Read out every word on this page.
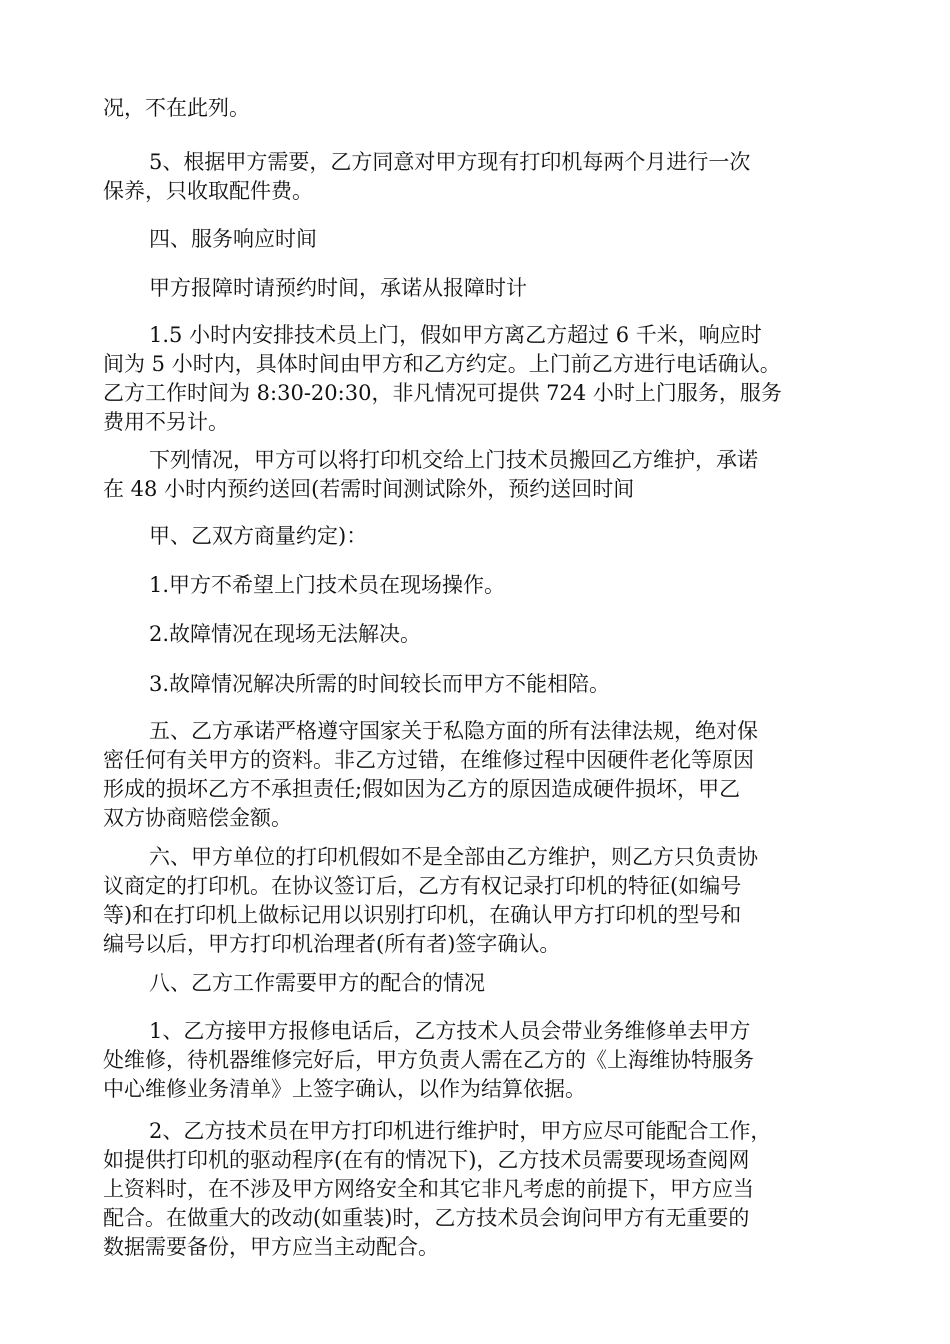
况，不在此列。
5、根据甲方需要，乙方同意对甲方现有打印机每两个月进行一次
保养，只收取配件费。
四、服务响应时间
甲方报障时请预约时间，承诺从报障时计
1.5 小时内安排技术员上门，假如甲方离乙方超过 6 千米，响应时
间为 5 小时内，具体时间由甲方和乙方约定。上门前乙方进行电话确认。
乙方工作时间为 8:30-20:30，非凡情况可提供 724 小时上门服务，服务
费用不另计。
下列情况，甲方可以将打印机交给上门技术员搬回乙方维护，承诺
在 48 小时内预约送回(若需时间测试除外，预约送回时间
甲、乙双方商量约定)：
1.甲方不希望上门技术员在现场操作。
2.故障情况在现场无法解决。
3.故障情况解决所需的时间较长而甲方不能相陪。
五、乙方承诺严格遵守国家关于私隐方面的所有法律法规，绝对保
密任何有关甲方的资料。非乙方过错，在维修过程中因硬件老化等原因
形成的损坏乙方不承担责任;假如因为乙方的原因造成硬件损坏，甲乙
双方协商赔偿金额。
六、甲方单位的打印机假如不是全部由乙方维护，则乙方只负责协
议商定的打印机。在协议签订后，乙方有权记录打印机的特征(如编号
等)和在打印机上做标记用以识别打印机，在确认甲方打印机的型号和
编号以后，甲方打印机治理者(所有者)签字确认。
八、乙方工作需要甲方的配合的情况
1、乙方接甲方报修电话后，乙方技术人员会带业务维修单去甲方
处维修，待机器维修完好后，甲方负责人需在乙方的《上海维协特服务
中心维修业务清单》上签字确认，以作为结算依据。
2、乙方技术员在甲方打印机进行维护时，甲方应尽可能配合工作，
如提供打印机的驱动程序(在有的情况下)，乙方技术员需要现场查阅网
上资料时，在不涉及甲方网络安全和其它非凡考虑的前提下，甲方应当
配合。在做重大的改动(如重装)时，乙方技术员会询问甲方有无重要的
数据需要备份，甲方应当主动配合。
